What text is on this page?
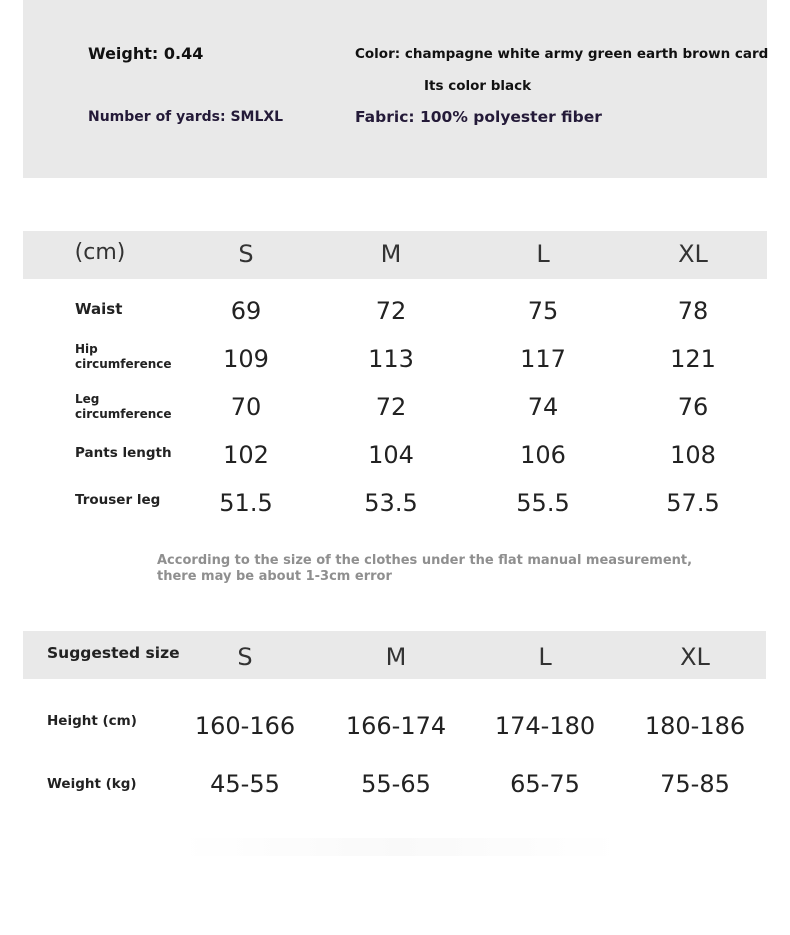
Weight: 0.44
Number of yards: SMLXL
Color: champagne white army green earth brown card
Its color black
Fabric: 100% polyester fiber
(cm)	S	M	L	XL
Waist	69	72	75	78
Hip
circumference 109	113	117	121
Leg
circumference 70	72	74	76
Pants length 102	104	106	108
Trouser leg 51.5	53.5	55.5	57.5
According to the size of the clothes under the flat manual measurement,
there may be about 1-3cm error
Suggested size S	M	L	XL
Height (cm) 160-166 166-174 174-180 180-186
Weight (kg)	45-55	55-65	65-75	75-85
